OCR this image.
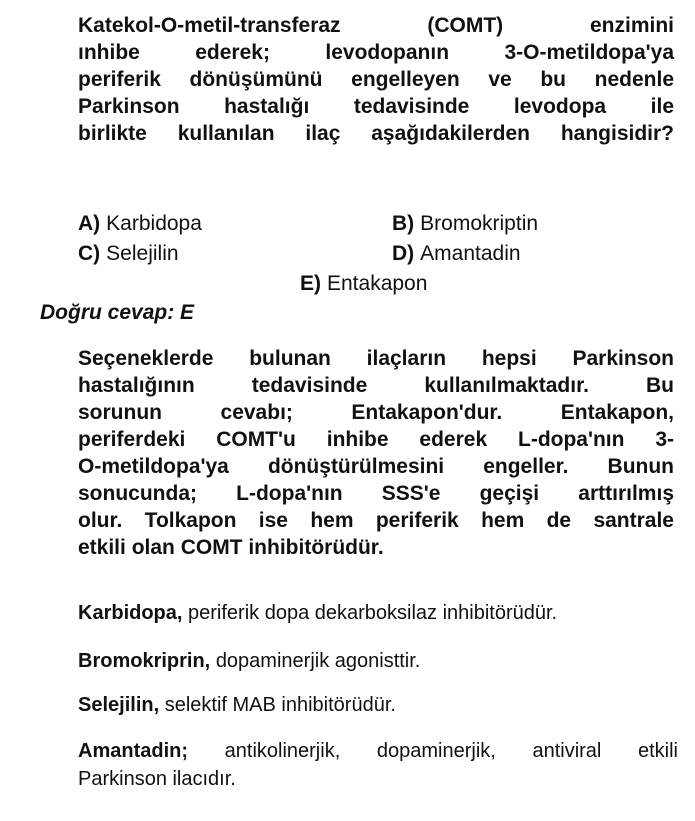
Katekol-O-metil-transferaz (COMT) enzimini
ınhibe ederek; levodopanın 3-O-metildopa'ya
periferik dönüşümünü engelleyen ve bu nedenle
Parkinson hastalığı tedavisinde levodopa ile
birlikte kullanılan ilaç aşağıdakilerden hangisidir?
A) Karbidopa	B) Bromokriptin
C) Selejilin	D) Amantadin
E) Entakapon
Doğru cevap: E
Seçeneklerde bulunan ilaçların hepsi Parkinson
hastalığının tedavisinde kullanılmaktadır. Bu
sorunun cevabı; Entakapon'dur. Entakapon,
periferdeki COMT'u inhibe ederek L-dopa'nın 3-
O-metildopa'ya dönüştürülmesini engeller. Bunun
sonucunda; L-dopa'nın SSS'e geçişi arttırılmış
olur. Tolkapon ise hem periferik hem de santrale
etkili olan COMT inhibitörüdür.
Karbidopa, periferik dopa dekarboksilaz inhibitörüdür.
Bromokriprin, dopaminerjik agonisttir.
Selejilin, selektif MAB inhibitörüdür.
Amantadin; antikolinerjik, dopaminerjik, antiviral etkili
Parkinson ilacıdır.
